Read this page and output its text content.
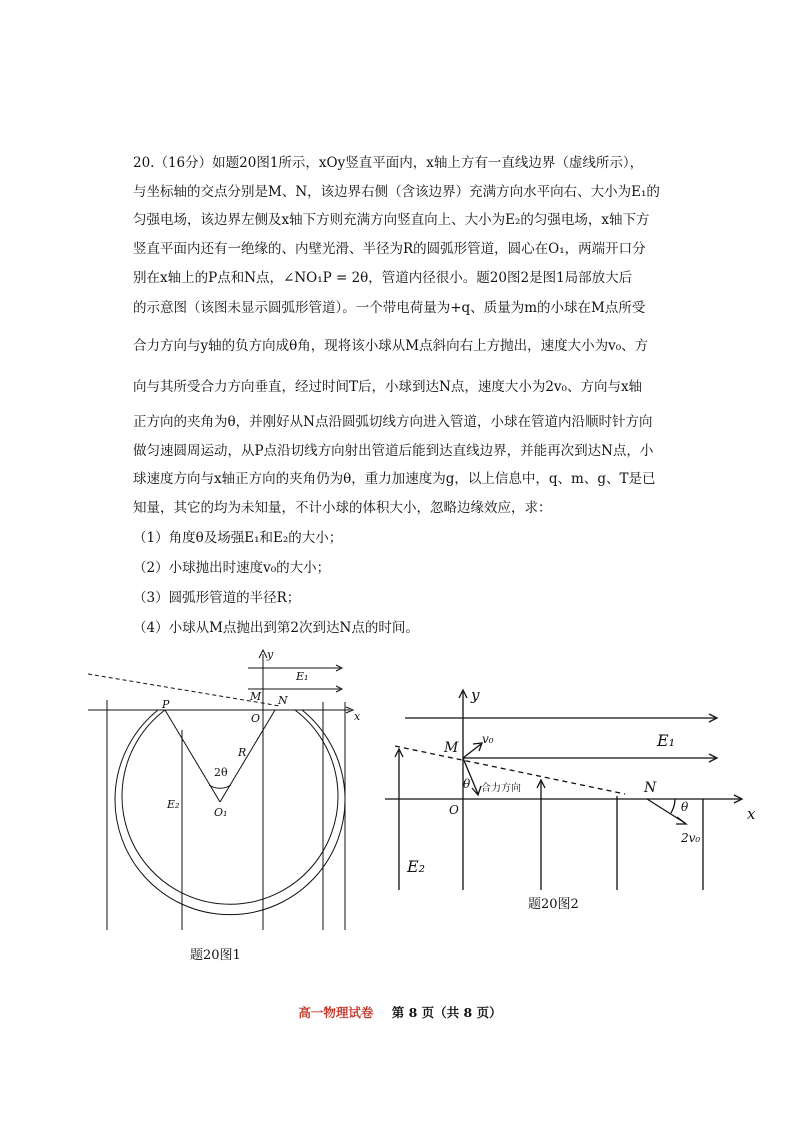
20.（16分）如题20图1所示，xOy竖直平面内，x轴上方有一直线边界（虚线所示），
与坐标轴的交点分别是M、N，该边界右侧（含该边界）充满方向水平向右、大小为E₁的
匀强电场，该边界左侧及x轴下方则充满方向竖直向上、大小为E₂的匀强电场，x轴下方
竖直平面内还有一绝缘的、内壁光滑、半径为R的圆弧形管道，圆心在O₁，两端开口分
别在x轴上的P点和N点，∠NO₁P = 2θ，管道内径很小。题20图2是图1局部放大后
的示意图（该图未显示圆弧形管道）。一个带电荷量为+q、质量为m的小球在M点所受
合力方向与y轴的负方向成θ角，现将该小球从M点斜向右上方抛出，速度大小为v₀、方
向与其所受合力方向垂直，经过时间T后，小球到达N点，速度大小为2v₀、方向与x轴
正方向的夹角为θ，并刚好从N点沿圆弧切线方向进入管道，小球在管道内沿顺时针方向
做匀速圆周运动，从P点沿切线方向射出管道后能到达直线边界，并能再次到达N点，小
球速度方向与x轴正方向的夹角仍为θ，重力加速度为g，以上信息中，q、m、g、T是已
知量，其它的均为未知量，不计小球的体积大小，忽略边缘效应，求：
（1）角度θ及场强E₁和E₂的大小；
（2）小球抛出时速度v₀的大小；
（3）圆弧形管道的半径R；
（4）小球从M点抛出到第2次到达N点的时间。
y
x
E₁
P
M N
O
R
2θ
E₂
O₁
题20图1
y
x
E₁
M
v₀
θ 合力方向
O
N
θ
2v₀
E₂
题20图2
高一物理试卷 第 8 页（共 8 页）
